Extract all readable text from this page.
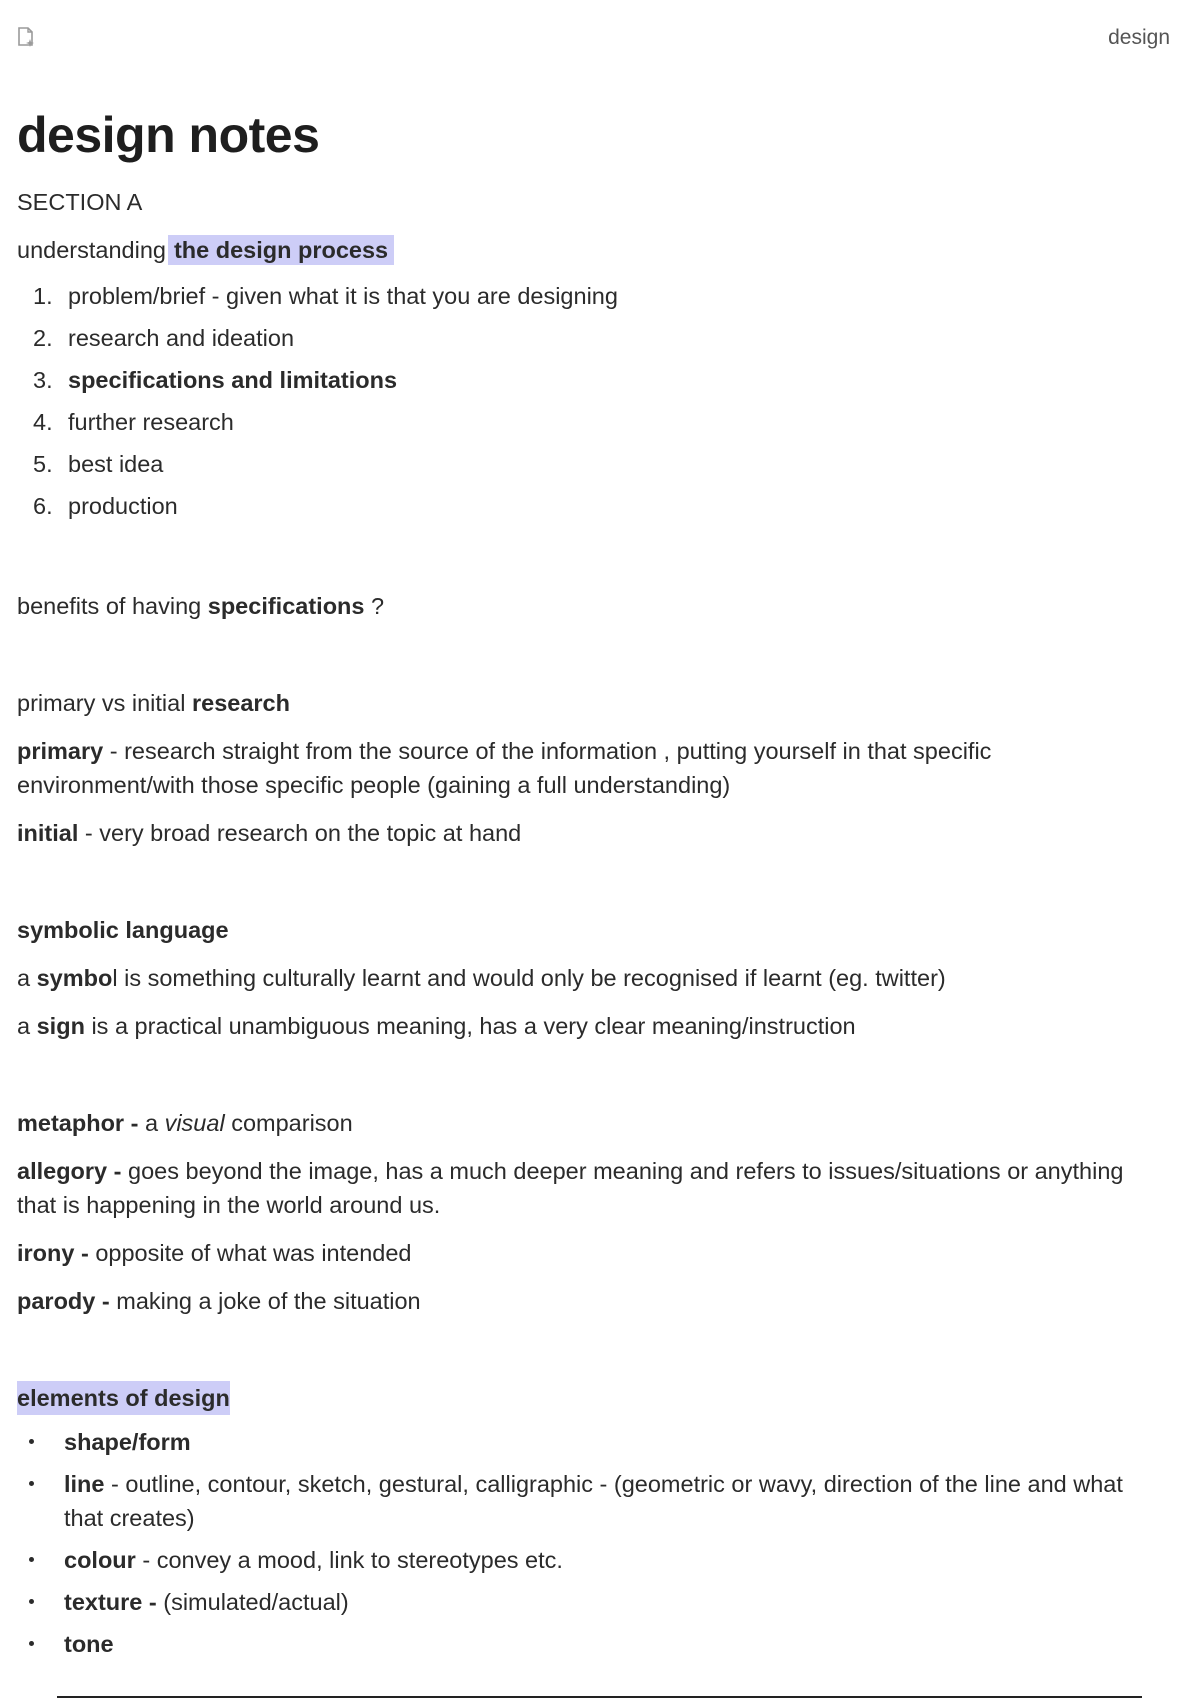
design
design notes

SECTION A

understanding the design process

1. problem/brief - given what it is that you are designing
2. research and ideation
3. specifications and limitations
4. further research
5. best idea
6. production

benefits of having specifications ?

primary vs initial research

primary - research straight from the source of the information , putting yourself in that specific environment/with those specific people (gaining a full understanding)

initial - very broad research on the topic at hand

symbolic language

a symbol is something culturally learnt and would only be recognised if learnt (eg. twitter)

a sign is a practical unambiguous meaning, has a very clear meaning/instruction

metaphor - a visual comparison

allegory - goes beyond the image, has a much deeper meaning and refers to issues/situations or anything that is happening in the world around us.

irony - opposite of what was intended

parody - making a joke of the situation

elements of design

shape/form
line - outline, contour, sketch, gestural, calligraphic - (geometric or wavy, direction of the line and what that creates)
colour - convey a mood, link to stereotypes etc.
texture - (simulated/actual)
tone
